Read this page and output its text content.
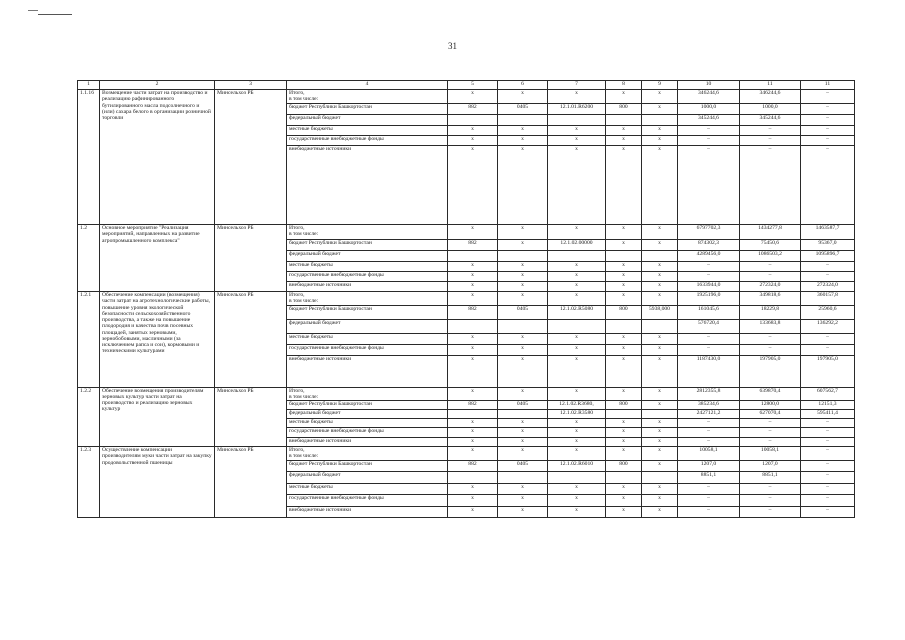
31
1	2	3	4	5	6	7	8	9	10	11	11
1.1.16	Возмещение части затрат на производство и реализацию рафинированного бутилированного масла подсолнечного и (или) сахара белого в организации розничной торговли	Минсельхоз РБ	Итого,
в том числе:	х	х	х	х	х	346244,6	346244,6	–
			бюджет Республики Башкортостан	882	0405	12.1.01.R6200	800	х	1000,0	1000,0	–
			федеральный бюджет						345244,6	345244,6	–
			местные бюджеты	х	х	х	х	х	–	–	–
			государственные внебюджетные фонды	х	х	х	х	х	–	–	–
			внебюджетные источники	х	х	х	х	х	–	–	–
1.2	Основное мероприятие "Реализация мероприятий, направленных на развитие агропромышленного комплекса"	Минсельхоз РБ	Итого,
в том числе:	х	х	х	х	х	6797702,3	1434277,8	1463587,7
			бюджет Республики Башкортостан	882	х	12.1.02.00000	х	х	874302,3	75450,6	95367,0
			федеральный бюджет						4289456,0	1086503,2	1095896,7
			местные бюджеты	х	х	х	х	х	–	–	–
			государственные внебюджетные фонды	х	х	х	х	х	–	–	–
			внебюджетные источники	х	х	х	х	х	1633944,0	272324,0	272324,0
1.2.1	Обеспечение компенсации (возмещения) части затрат на агротехнологические работы, повышение уровня экологической безопасности сельскохозяйственного производства, а также на повышение плодородия и качества почв посевных площадей, занятых зерновыми, зернобобовыми, масличными (за исключением рапса и сои), кормовыми и техническими культурами	Минсельхоз РБ	Итого,
в том числе:	х	х	х	х	х	1925196,0	349818,6	360157,8
			бюджет Республики Башкортостан	882	0405	12.1.02.R5080	800	5938,000	161045,6	18229,8	25960,6
			федеральный бюджет						576720,4	133683,8	136292,2
			местные бюджеты	х	х	х	х	х	–	–	–
			государственные внебюджетные фонды	х	х	х	х	х	–	–	–
			внебюджетные источники	х	х	х	х	х	1187430,0	197905,0	197905,0
1.2.2	Обеспечение возмещения производителям зерновых культур части затрат на производство и реализацию зерновых культур	Минсельхоз РБ	Итого,
в том числе:	х	х	х	х	х	2812355,8	639870,4	607562,7
			бюджет Республики Башкортостан	882	0405	12.1.02.R3680,	800	х	385234,6	12800,0	12151,3
			федеральный бюджет			12.1.02.R3580			2427121,2	627070,4	595411,4
			местные бюджеты	х	х	х	х	х	–	–	–
			государственные внебюджетные фонды	х	х	х	х	х	–	–	–
			внебюджетные источники	х	х	х	х	х	–	–	–
1.2.3	Осуществление компенсации производителям муки части затрат на закупку продовольственной пшеницы	Минсельхоз РБ	Итого,
в том числе:	х	х	х	х	х	10058,1	10058,1	–
			бюджет Республики Башкортостан	882	0405	12.1.02.R6010	800	х	1207,0	1207,0	–
			федеральный бюджет						8851,1	8851,1	–
			местные бюджеты	х	х	х	х	х	–	–	–
			государственные внебюджетные фонды	х	х	х	х	х	–	–	–
			внебюджетные источники	х	х	х	х	х	–	–	–
